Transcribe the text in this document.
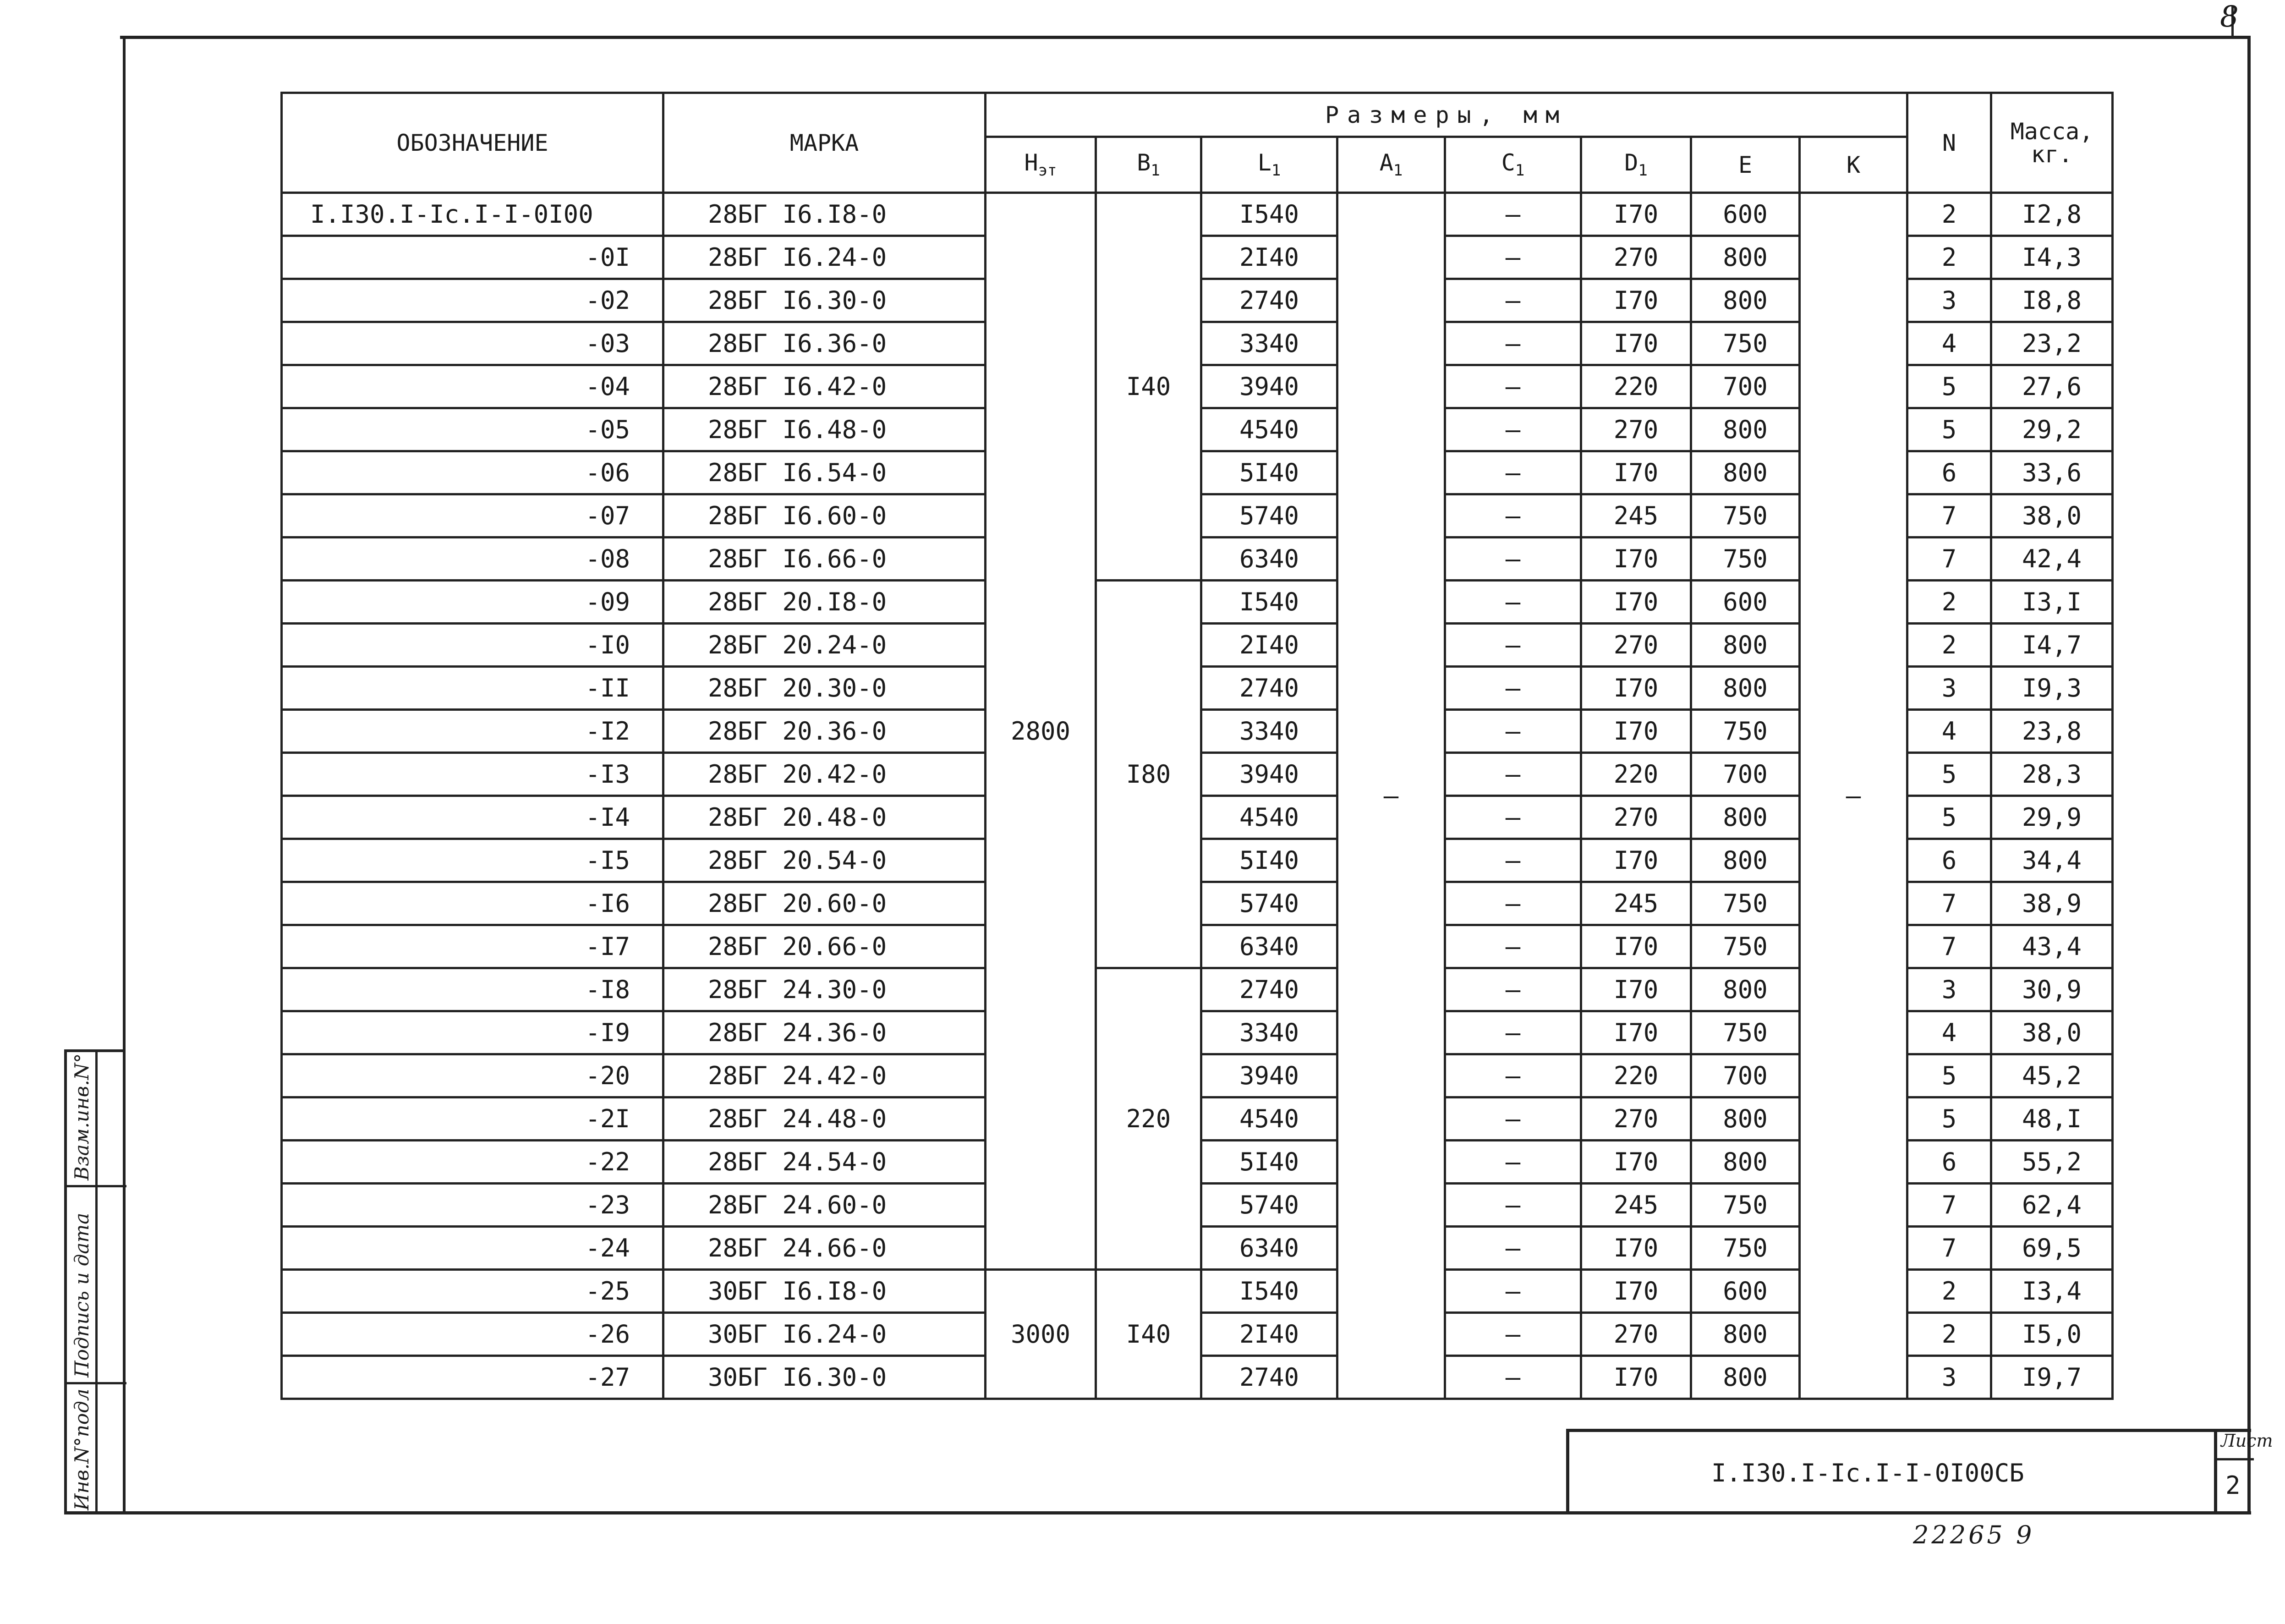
8
ОБОЗНАЧЕНИЕ	МАРКА	Размеры, мм								N	Масса, кг.
		$H_{эт}$	$B_1$	$L_1$	$A_1$	$C_1$	$D_1$	E	K		
I.I30.I-Ic.I-I-0I00	28БГ I6.I8-0	2800	I40	I540	–	–	I70	600	–	2	I2,8
-0I	28БГ I6.24-0			2I40		–	270	800		2	I4,3
-02	28БГ I6.30-0			2740		–	I70	800		3	I8,8
-03	28БГ I6.36-0			3340		–	I70	750		4	23,2
-04	28БГ I6.42-0			3940		–	220	700		5	27,6
-05	28БГ I6.48-0			4540		–	270	800		5	29,2
-06	28БГ I6.54-0			5I40		–	I70	800		6	33,6
-07	28БГ I6.60-0			5740		–	245	750		7	38,0
-08	28БГ I6.66-0			6340		–	I70	750		7	42,4
-09	28БГ 20.I8-0		I80	I540		–	I70	600		2	I3,I
-I0	28БГ 20.24-0			2I40		–	270	800		2	I4,7
-II	28БГ 20.30-0			2740		–	I70	800		3	I9,3
-I2	28БГ 20.36-0			3340		–	I70	750		4	23,8
-I3	28БГ 20.42-0			3940		–	220	700		5	28,3
-I4	28БГ 20.48-0			4540		–	270	800		5	29,9
-I5	28БГ 20.54-0			5I40		–	I70	800		6	34,4
-I6	28БГ 20.60-0			5740		–	245	750		7	38,9
-I7	28БГ 20.66-0			6340		–	I70	750		7	43,4
-I8	28БГ 24.30-0		220	2740		–	I70	800		3	30,9
-I9	28БГ 24.36-0			3340		–	I70	750		4	38,0
-20	28БГ 24.42-0			3940		–	220	700		5	45,2
-2I	28БГ 24.48-0			4540		–	270	800		5	48,I
-22	28БГ 24.54-0			5I40		–	I70	800		6	55,2
-23	28БГ 24.60-0			5740		–	245	750		7	62,4
-24	28БГ 24.66-0			6340		–	I70	750		7	69,5
-25	30БГ I6.I8-0	3000	I40	I540		–	I70	600		2	I3,4
-26	30БГ I6.24-0			2I40		–	270	800		2	I5,0
-27	30БГ I6.30-0			2740		–	I70	800		3	I9,7
Инв.N°подл
Подпись и дата
Взам.инв.N°
I.I30.I-Ic.I-I-0I00СБ
Лист
2
22265 9
